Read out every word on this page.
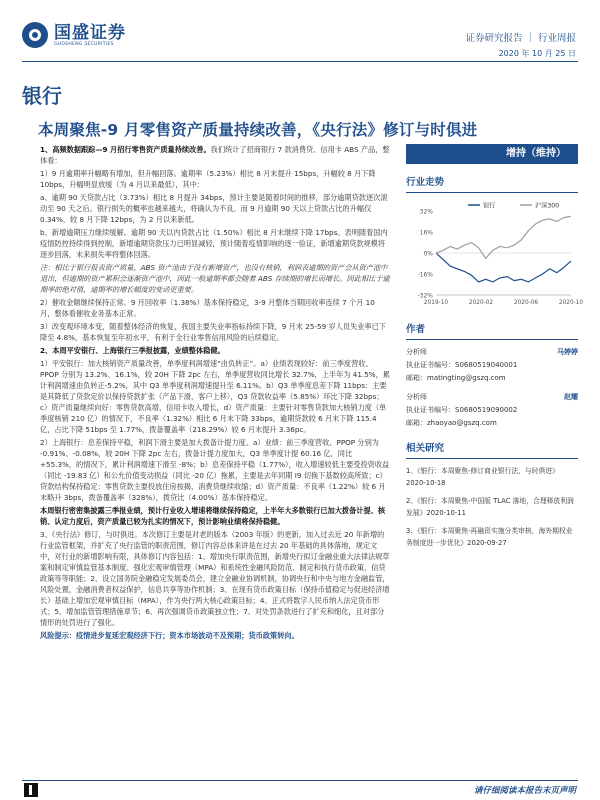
国盛证券
GUOSHENG SECURITIES	证券研究报告 ｜ 行业周报
2020 年 10 月 25 日
银行
本周聚焦-9 月零售资产质量持续改善，《央行法》修订与时俱进

1、高频数据跟踪—9 月招行零售资产质量持续改善。我们统计了招商银行 7 款消费贷、信用卡 ABS 产品，整体看：

1）9 月逾期率升幅略有增加，但升幅回落。逾期率（5.23%）相比 8 月末提升 15bps，升幅较 8 月下降 10bps，升幅明显放缓（为 4 月以来最低），其中：

a、逾期 90 天贷款占比（3.73%）相比 8 月提升 34bps，预计主要是随着时间的推移，部分逾期贷款逐次滚动至 90 天之后。银行损失的概率也越来越大，将确认为不良。而 9 月逾期 90 天以上贷款占比的升幅仅 0.34%，较 8 月下降 12bps，为 2 月以来新低。

b、新增逾期压力继续缓解。逾期 90 天以内贷款占比（1.50%）相比 8 月末继续下降 17bps。表明随着国内疫情防控持续得到控制，新增逾期贷款压力已明显减轻，预计随着疫情影响的逐一验证，新增逾期贷款规模将逐步回落，未来损失率将整体回落。

注：相比于银行报表资产质量，ABS 资产池由于没有新增资产，也没有核销，利润表逾期的资产会从资产池中退出，但逾期的资产累积会逐渐资产池中，因此一般逾期率都会随着 ABS 存续期的增长而增长。因此相比于逾期率的绝对值，逾期率的增长幅度的变动更重要。

2）催收金额继续保持正常。9 月回收率（1.38%）基本保持稳定，3-9 月整体当期回收率连续 7 个月 10 月，整体看催收业务基本正常。

3）改变观环境本变，随着整体经济的恢复，我国主要失业率指标持续下降，9 月末 25-59 岁人员失业率已下降至 4.8%，基本恢复至年初水平，有利于全行业零售信用风险的后续稳定。

2、本周平安银行、上海银行三季报披露，业绩整体稳健。

1）平安银行：加大核销资产质量改善，单季度利润增速“由负转正”。a）业绩表现较好：前三季度营收、PPOP 分别为 13.2%、16.1%，较 20H 下降 2pc 左右，单季度营收同比增长 32.7%，上半年为 41.5%，累计利润增速由负转正-5.2%，其中 Q3 单季度利润增速提升至 6.11%。b）Q3 单季度息差下降 11bps：主要是其降低了贷款定价以保持贷款扩张（产品下滑，客户上移），Q3 贷款收益率（5.85%）环比下降 32bps；c）资产质量继续向好：零售贷款高增，信用卡收入增长，d）资产质量：主要针对零售贷款加大核销力度（单季度核销 210 亿）的情况下，不良率（1.32%）相比 6 月末下降 33bps，逾期贷款较 6 月末下降 115.4 亿，占比下降 51bps 至 1.77%，拨备覆盖率（218.29%）较 6 月末提升 3.36pc。

2）上海银行：息差保持平稳，利润下滑主要是加大拨备计提力度。a）业绩：前三季度营收、PPOP 分别为 -0.91%、-0.08%，较 20H 下降 2pc 左右，拨备计提力度加大，Q3 单季度计提 60.16 亿，同比 +55.3%，的情况下，累计利润增速下滑至 -8%；b）息差保持平稳（1.77%），收入增速较低主要受投资收益（同比 -19.83 亿）和公允价值变动损益（同比 -20 亿）拖累，主要是去年同期 I9 切换下基数较高所致；c）贷款结构保持稳定：零售贷款主要投放住房按揭，消费贷继续收缩；d）资产质量：不良率（1.22%）较 6 月末略升 3bps，拨备覆盖率（328%），拨贷比（4.00%）基本保持稳定。

本周银行密密集披露三季报业绩，预计行业收入增速将继续保持稳定，上半年大多数银行已加大拨备计提、核销、认定力度后，资产质量已较为扎实的情况下，预计影响业绩将保持稳健。

3、《央行法》修订，与时俱进。本次修订主要是对老的版本（2003 年版）的更新，加入过去近 20 年新增的行业监管框架，并扩充了央行监管的职责范围，修订内容总体来讲是在过去 20 年基础的具体落地，规定文中，对行业的新增影响有限，具体修订内容包括：1、增加央行职责范围，新增央行拟订金融业重大法律法规草案和制定审慎监管基本制度、强化宏观审慎管理（MPA）和系统性金融风险防范、制定和执行货币政策、信贷政策等等职能；2、设立国务院金融稳定发展委员会，建立金融业协调机制，协调央行和中央与地方金融监管，风险处置，金融消费者权益保护，信息共享等协作机制；3、在现有货币政策目标（保持币值稳定与促进经济增长）基础上增加宏观审慎目标（MPA），作为央行两大核心政策目标；4、正式将数字人民币纳入法定货币形式；5、增加监管管理措施章节；6、再次强调货币政策独立性；7、对处罚条款进行了扩充和细化，且对部分情形的处罚进行了强化。

风险提示：疫情进步复延宏观经济下行；资本市场波动不及预期；货币政策转向。

增持（维持）
行业走势
32%
16%
0%
-16%
-32%
2019-10	2020-02	2020-06	2020-10
银行	沪深300
作者
分析师	马婷婷
执业证书编号：S0680519040001
邮箱：matingting@gszq.com
分析师	赵耀
执业证书编号：S0680519090002
邮箱：zhaoyao@gszq.com
相关研究
1、《银行：本周聚焦-修订商业银行法，与时俱进》2020-10-18
2、《银行：本周聚焦-中国版 TLAC 落地，合理释放利润发展》2020-10-11
3、《银行：本周聚焦-再融资实施分类审核，海外期权业务制度进一步优化》2020-09-27
请仔细阅读本报告末页声明
